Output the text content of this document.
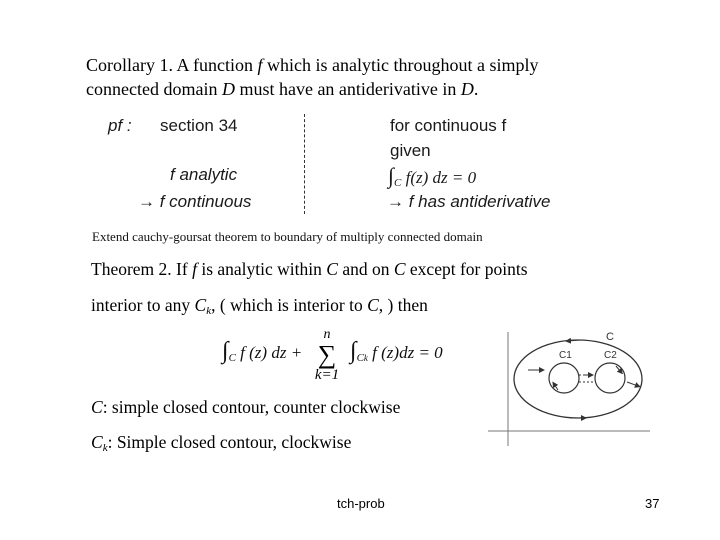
Corollary 1. A function f which is analytic throughout a simply
connected domain D must have an antiderivative in D.
pf : section 34
f analytic
→ f continuous
for continuous f
given
$\int_C$ f(z) dz = 0
→ f has antiderivative
Extend cauchy-goursat theorem to boundary of multiply connected domain
Theorem 2. If f is analytic within C and on C except for points
interior to any $C_k$, ( which is interior to C, ) then
$\int_C$ f (z) dz +
n
∑
k=1
$\int_{Ck}$ f (z)dz = 0
C
C1	C2
C: simple closed contour, counter clockwise
$C_k$: Simple closed contour, clockwise
tch-prob	37
